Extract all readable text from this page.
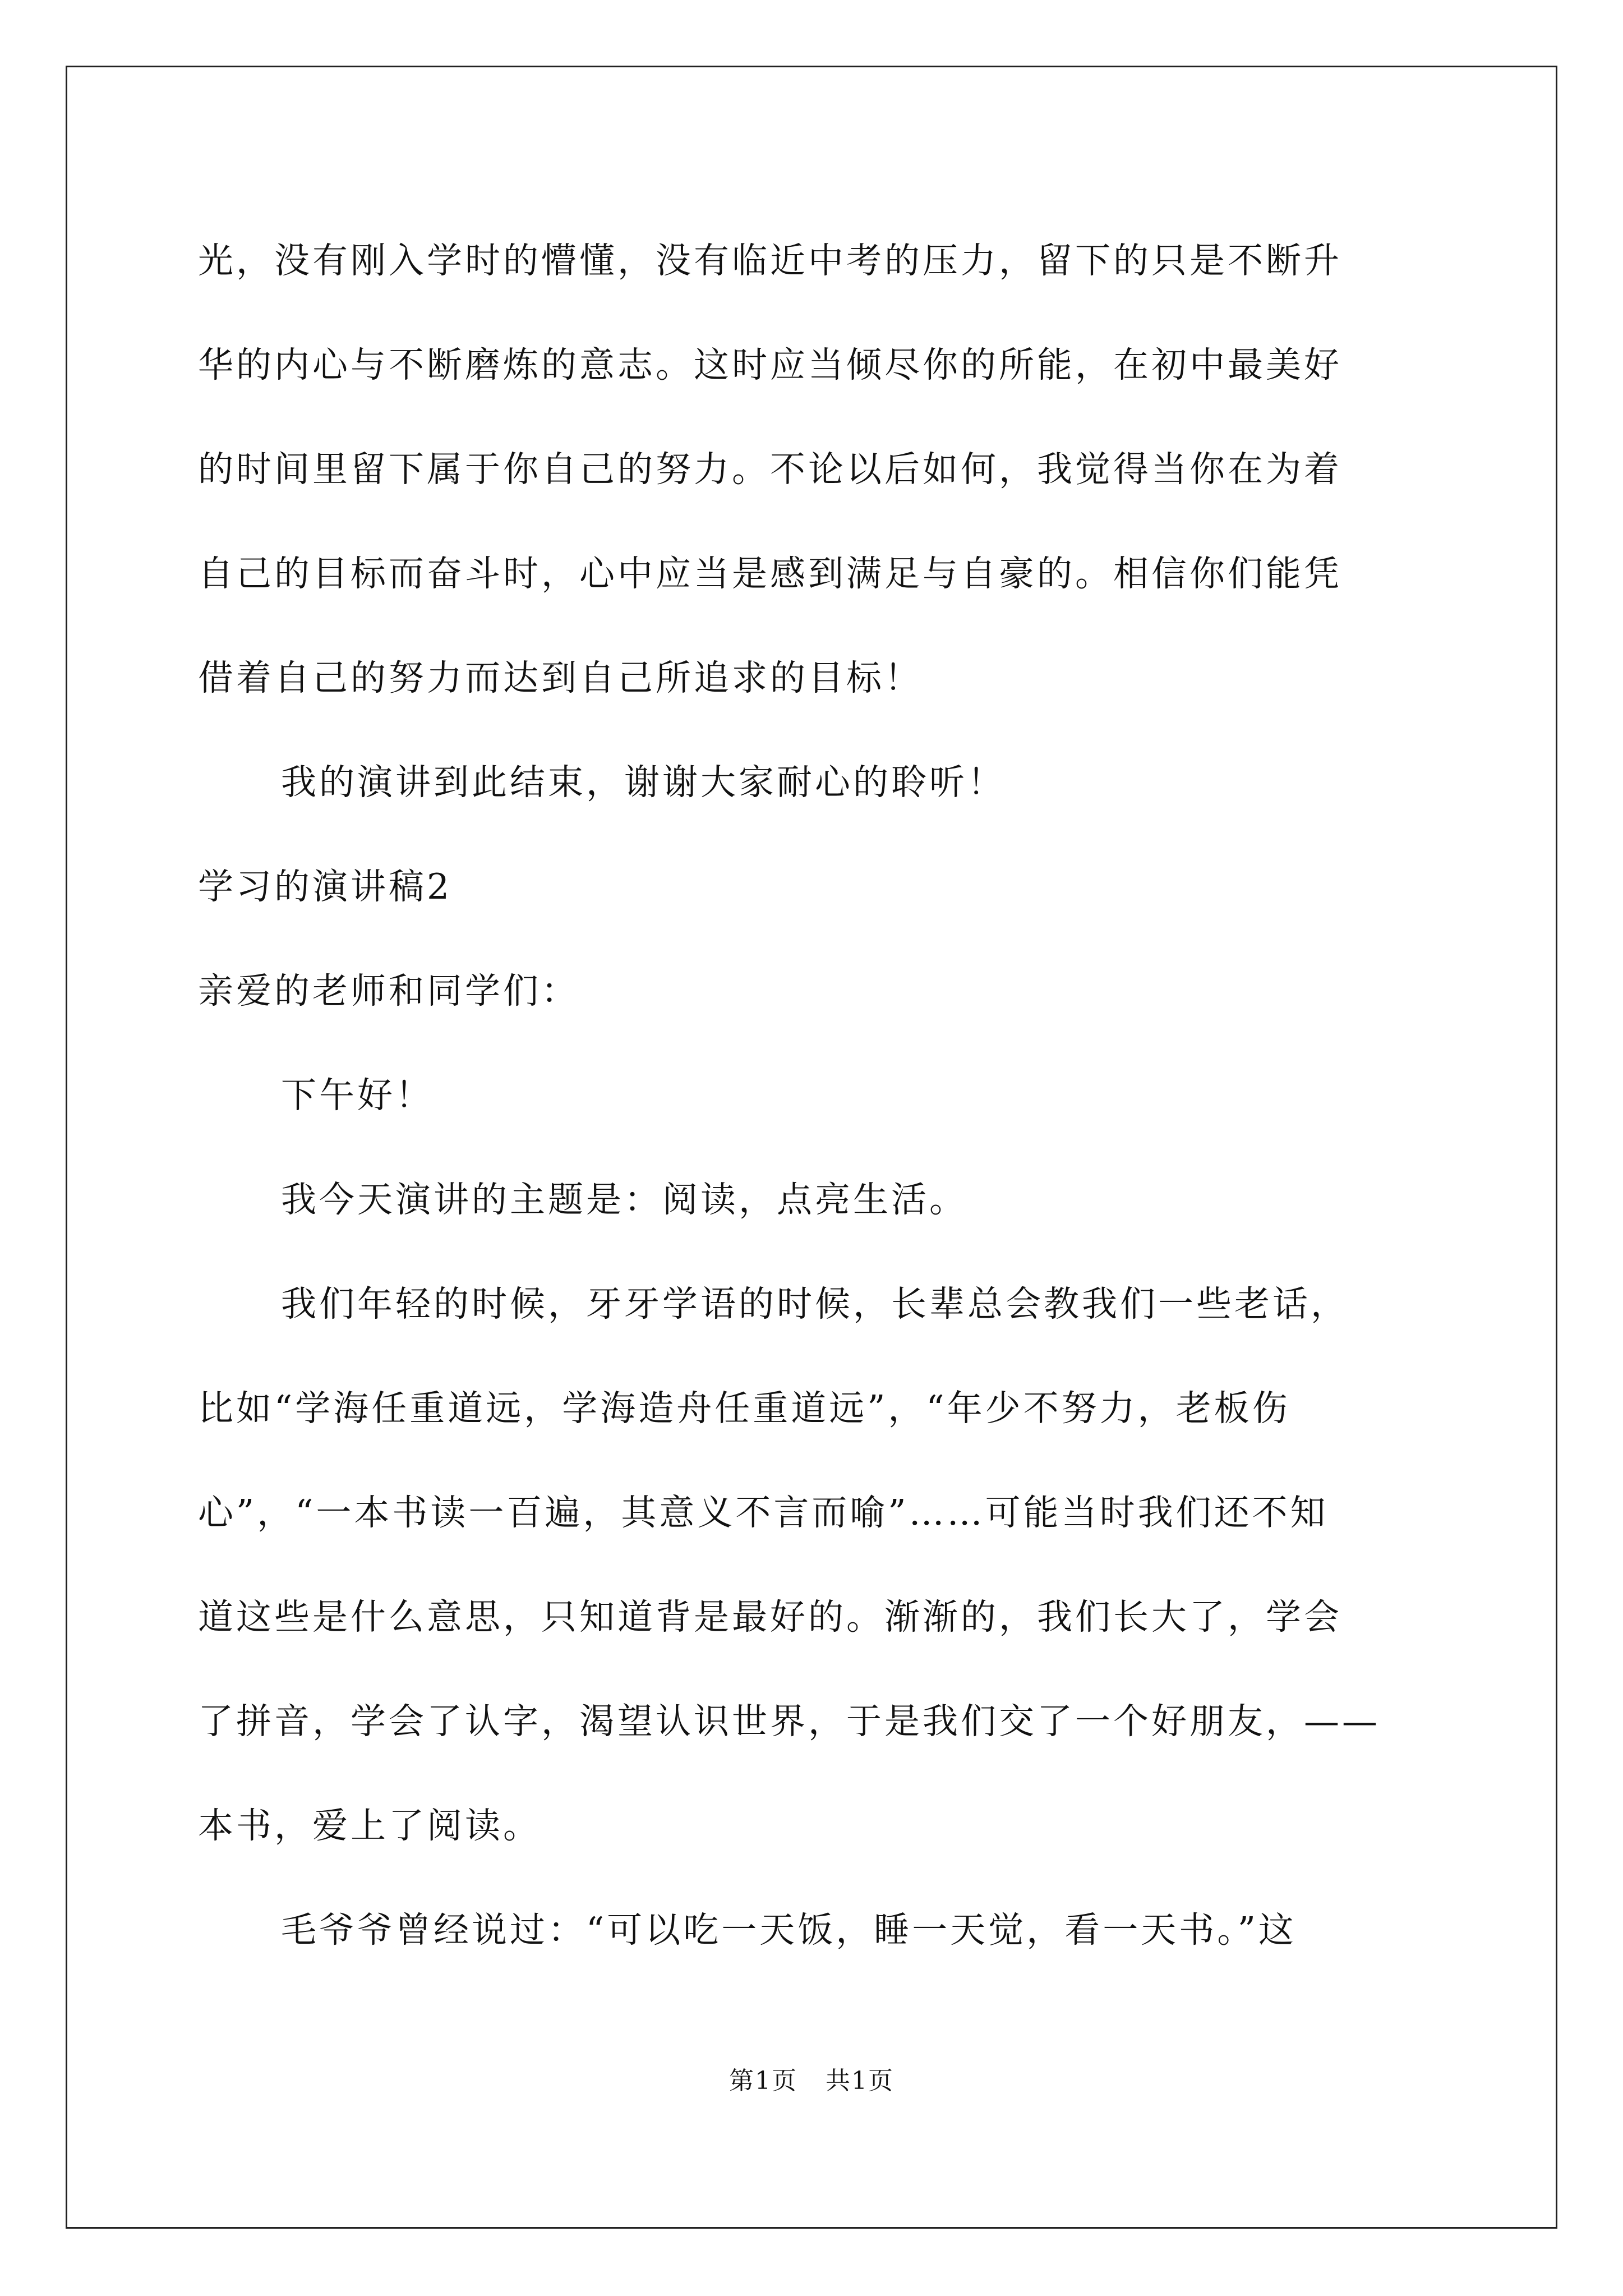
光，没有刚入学时的懵懂，没有临近中考的压力，留下的只是不断升
华的内心与不断磨炼的意志。这时应当倾尽你的所能，在初中最美好
的时间里留下属于你自己的努力。不论以后如何，我觉得当你在为着
自己的目标而奋斗时，心中应当是感到满足与自豪的。相信你们能凭
借着自己的努力而达到自己所追求的目标！
我的演讲到此结束，谢谢大家耐心的聆听！
学习的演讲稿2
亲爱的老师和同学们：
下午好！
我今天演讲的主题是：阅读，点亮生活。
我们年轻的时候，牙牙学语的时候，长辈总会教我们一些老话，
比如“学海任重道远，学海造舟任重道远”，“年少不努力，老板伤
心”，“一本书读一百遍，其意义不言而喻”……可能当时我们还不知
道这些是什么意思，只知道背是最好的。渐渐的，我们长大了，学会
了拼音，学会了认字，渴望认识世界，于是我们交了一个好朋友，——
本书，爱上了阅读。
毛爷爷曾经说过：“可以吃一天饭，睡一天觉，看一天书。”这
第1页 共1页
